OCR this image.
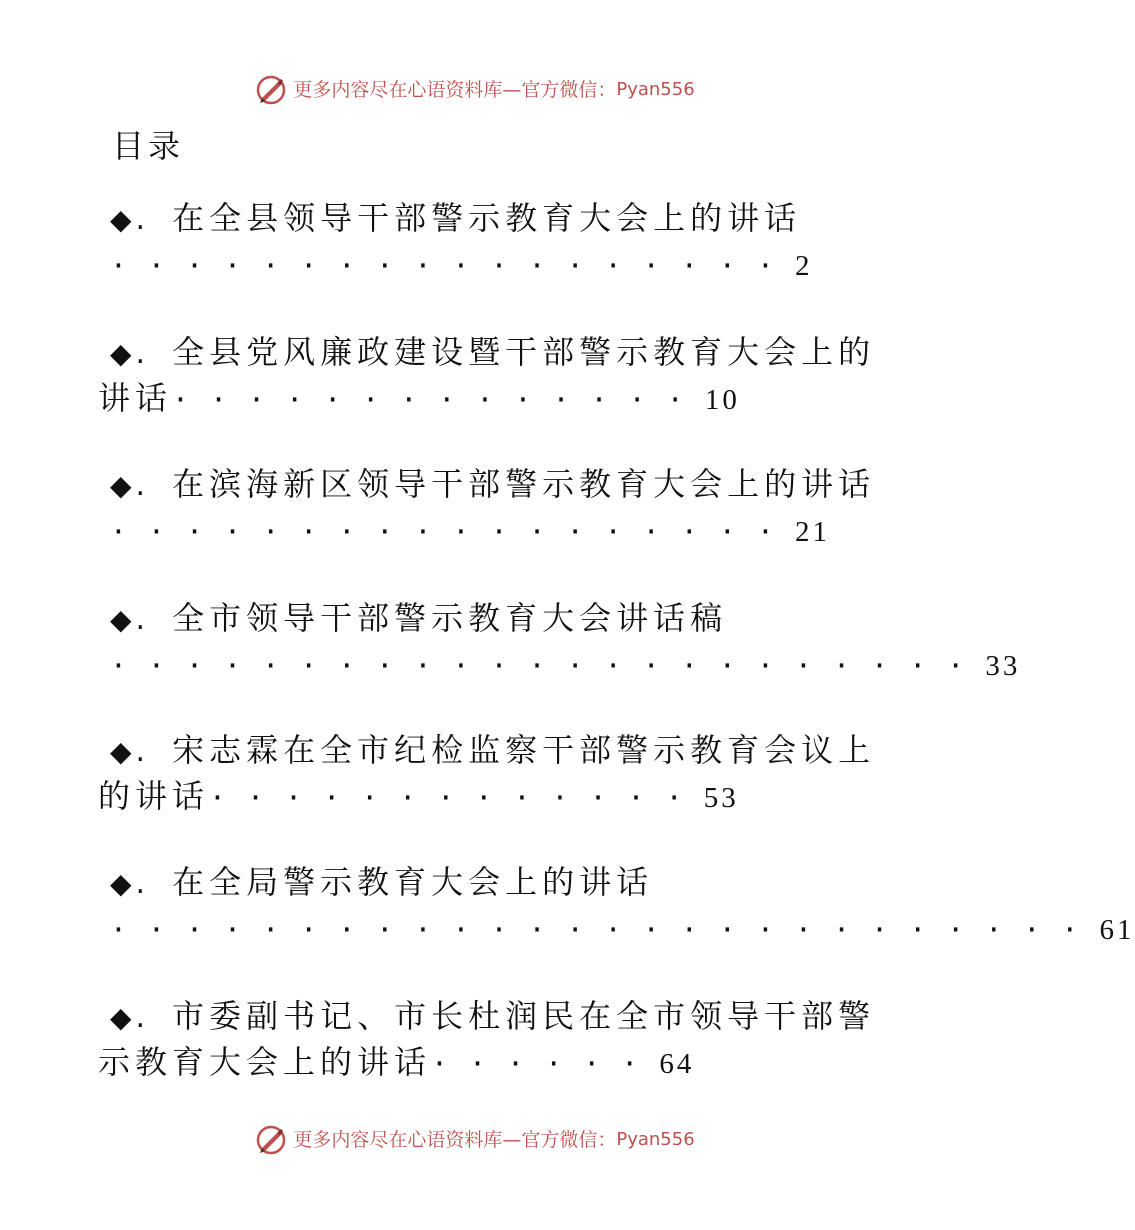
更多内容尽在心语资料库 — 官方微信： Pyan556
目录
◆ . 在全县领导干部警示教育大会上的讲话
··················2
◆ . 全县党风廉政建设暨干部警示教育大会上的
讲话··············10
◆ . 在滨海新区领导干部警示教育大会上的讲话
··················21
◆ . 全市领导干部警示教育大会讲话稿
·······················33
◆ . 宋志霖在全市纪检监察干部警示教育会议上
的讲话·············53
◆ . 在全局警示教育大会上的讲话
··························61
◆ . 市委副书记、市长杜润民在全市领导干部警
示教育大会上的讲话······64
更多内容尽在心语资料库 — 官方微信： Pyan556
